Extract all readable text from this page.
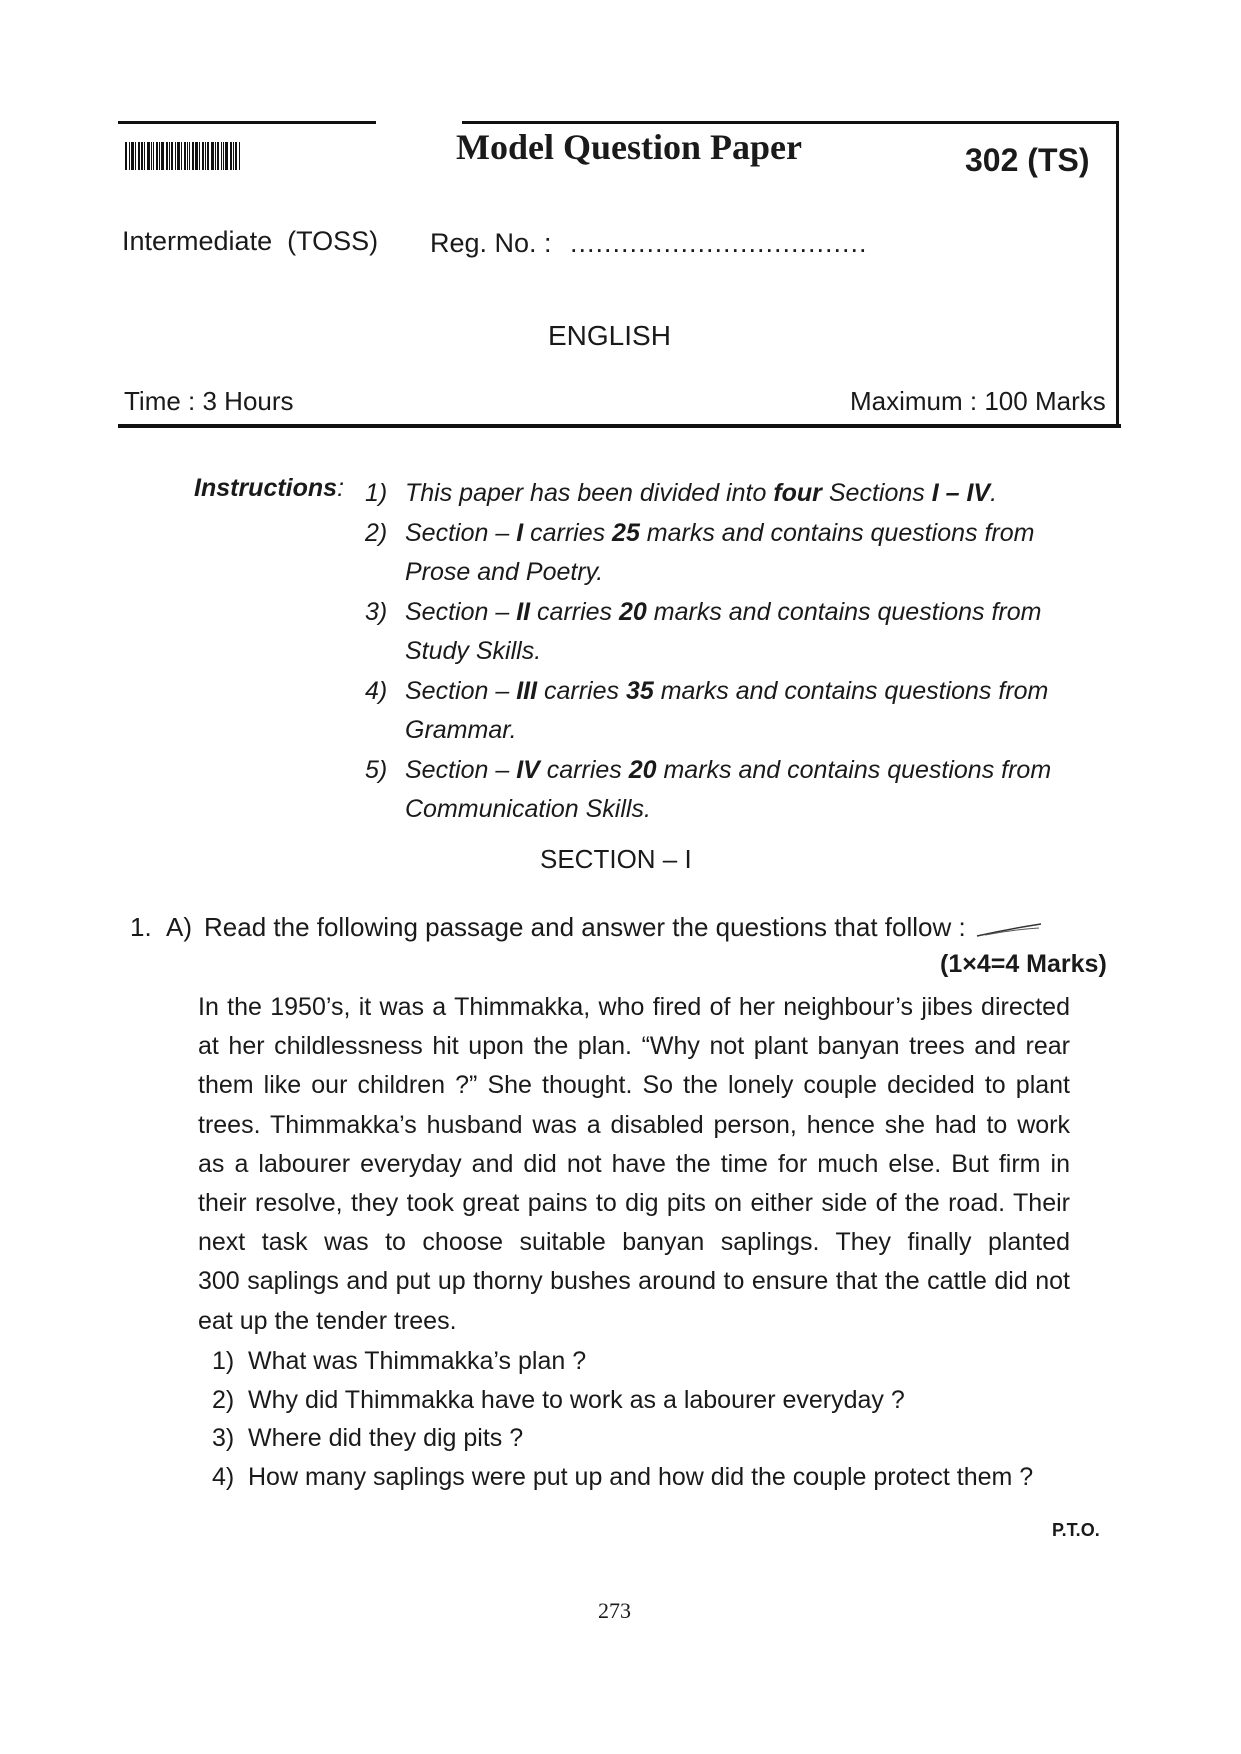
Model Question Paper	302 (TS)
Intermediate  (TOSS) Reg. No. : ...................................
ENGLISH
Time : 3 Hours	Maximum : 100 Marks
Instructions: 1) This paper has been divided into four Sections I – IV.
2) Section – I carries 25 marks and contains questions from
Prose and Poetry.
3) Section – II carries 20 marks and contains questions from
Study Skills.
4) Section – III carries 35 marks and contains questions from
Grammar.
5) Section – IV carries 20 marks and contains questions from
Communication Skills.
SECTION – I
1. A) Read the following passage and answer the questions that follow :
(1×4=4 Marks)
In the 1950’s, it was a Thimmakka, who fired of her neighbour’s jibes directed
at her childlessness hit upon the plan. “Why not plant banyan trees and rear
them like our children ?” She thought. So the lonely couple decided to plant
trees. Thimmakka’s husband was a disabled person, hence she had to work
as a labourer everyday and did not have the time for much else. But firm in
their resolve, they took great pains to dig pits on either side of the road. Their
next task was to choose suitable banyan saplings. They finally planted
300 saplings and put up thorny bushes around to ensure that the cattle did not
eat up the tender trees.
1) What was Thimmakka’s plan ?
2) Why did Thimmakka have to work as a labourer everyday ?
3) Where did they dig pits ?
4) How many saplings were put up and how did the couple protect them ?
P.T.O.
273
